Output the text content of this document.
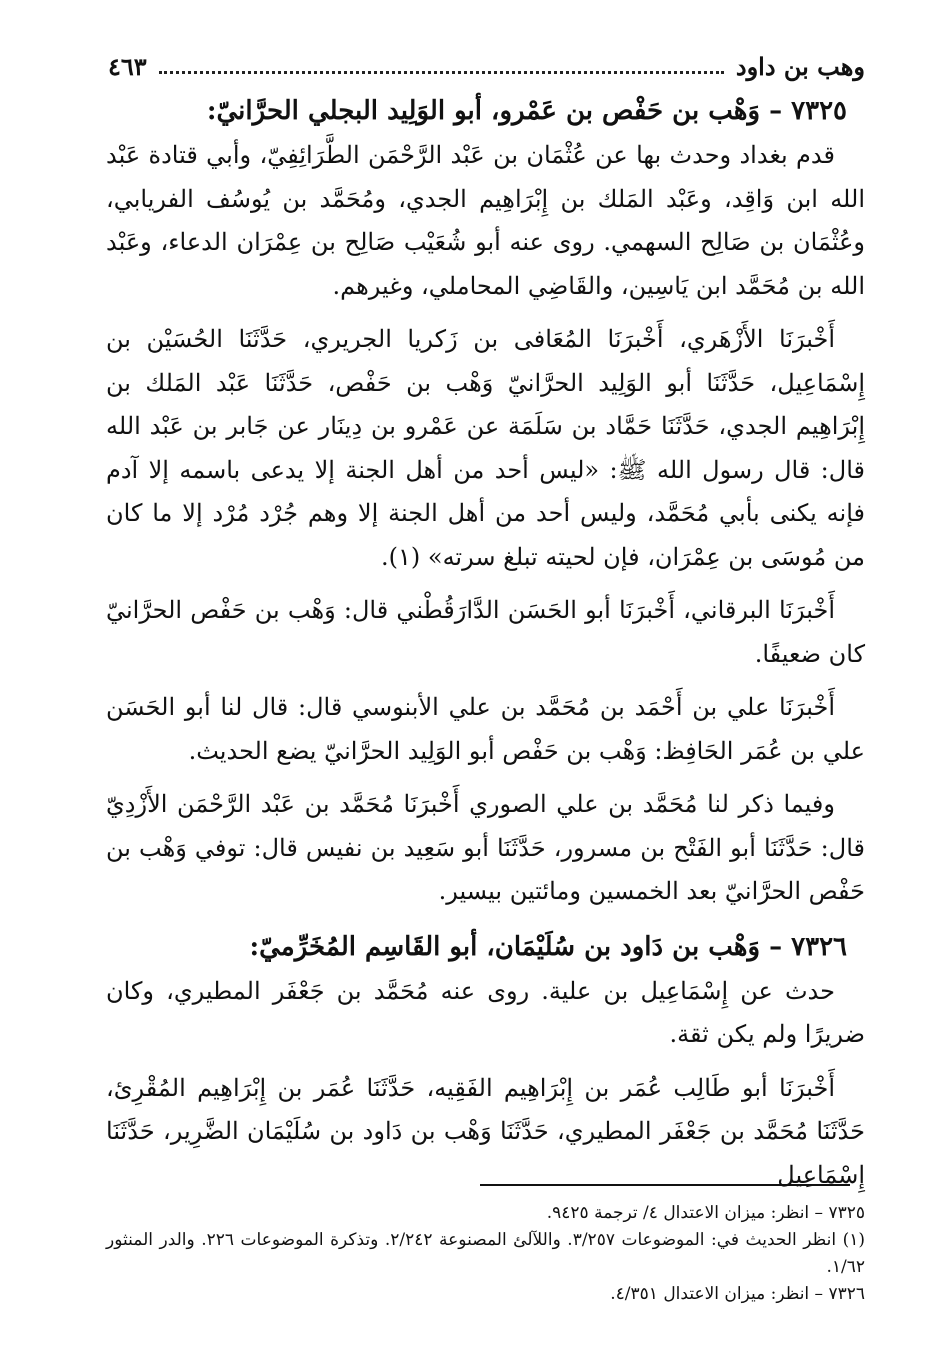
وهب بن داود
٤٦٣

٧٣٢٥ – وَهْب بن حَفْص بن عَمْرو، أبو الوَلِيد البجلي الحرَّانيّ:

قدم بغداد وحدث بها عن عُثْمَان بن عَبْد الرَّحْمَن الطَّرَائِفِيّ، وأبي قتادة عَبْد الله ابن وَاقِد، وعَبْد المَلك بن إِبْرَاهِيم الجدي، ومُحَمَّد بن يُوسُف الفريابي، وعُثْمَان بن صَالِح السهمي. روى عنه أبو شُعَيْب صَالِح بن عِمْرَان الدعاء، وعَبْد الله بن مُحَمَّد ابن يَاسِين، والقَاضِي المحاملي، وغيرهم.

أَخْبرَنَا الأَزْهَري، أَخْبرَنَا المُعَافى بن زَكريا الجريري، حَدَّثَنَا الحُسَيْن بن إِسْمَاعِيل، حَدَّثَنَا أبو الوَلِيد الحرَّانيّ وَهْب بن حَفْص، حَدَّثَنَا عَبْد المَلك بن إِبْرَاهِيم الجدي، حَدَّثَنَا حَمَّاد بن سَلَمَة عن عَمْرو بن دِينَار عن جَابر بن عَبْد الله قال: قال رسول الله ﷺ: «ليس أحد من أهل الجنة إلا يدعى باسمه إلا آدم فإنه يكنى بأبي مُحَمَّد، وليس أحد من أهل الجنة إلا وهم جُرْد مُرْد إلا ما كان من مُوسَى بن عِمْرَان، فإن لحيته تبلغ سرته» (١).

أَخْبرَنَا البرقاني، أَخْبرَنَا أبو الحَسَن الدَّارَقُطْني قال: وَهْب بن حَفْص الحرَّانيّ كان ضعيفًا.

أَخْبرَنَا علي بن أَحْمَد بن مُحَمَّد بن علي الأبنوسي قال: قال لنا أبو الحَسَن علي بن عُمَر الحَافِظ: وَهْب بن حَفْص أبو الوَلِيد الحرَّانيّ يضع الحديث.

وفيما ذكر لنا مُحَمَّد بن علي الصوري أَخْبرَنَا مُحَمَّد بن عَبْد الرَّحْمَن الأَزْدِيّ قال: حَدَّثَنَا أبو الفَتْح بن مسرور، حَدَّثَنَا أبو سَعِيد بن نفيس قال: توفي وَهْب بن حَفْص الحرَّانيّ بعد الخمسين ومائتين بيسير.

٧٣٢٦ – وَهْب بن دَاود بن سُلَيْمَان، أبو القَاسِم المُخَرِّميّ:

حدث عن إِسْمَاعِيل بن علية. روى عنه مُحَمَّد بن جَعْفَر المطيري، وكان ضريرًا ولم يكن ثقة.

أَخْبرَنَا أبو طَالِب عُمَر بن إِبْرَاهِيم الفَقِيه، حَدَّثَنَا عُمَر بن إِبْرَاهِيم المُقْرِئ، حَدَّثَنَا مُحَمَّد بن جَعْفَر المطيري، حَدَّثَنَا وَهْب بن دَاود بن سُلَيْمَان الضَّرِير، حَدَّثَنَا إِسْمَاعِيل

٧٣٢٥ – انظر: ميزان الاعتدال ٤/ ترجمة ٩٤٢٥.

(١) انظر الحديث في: الموضوعات ٣/٢٥٧. واللآلئ المصنوعة ٢/٢٤٢. وتذكرة الموضوعات ٢٢٦. والدر المنثور ١/٦٢.

٧٣٢٦ – انظر: ميزان الاعتدال ٤/٣٥١.
